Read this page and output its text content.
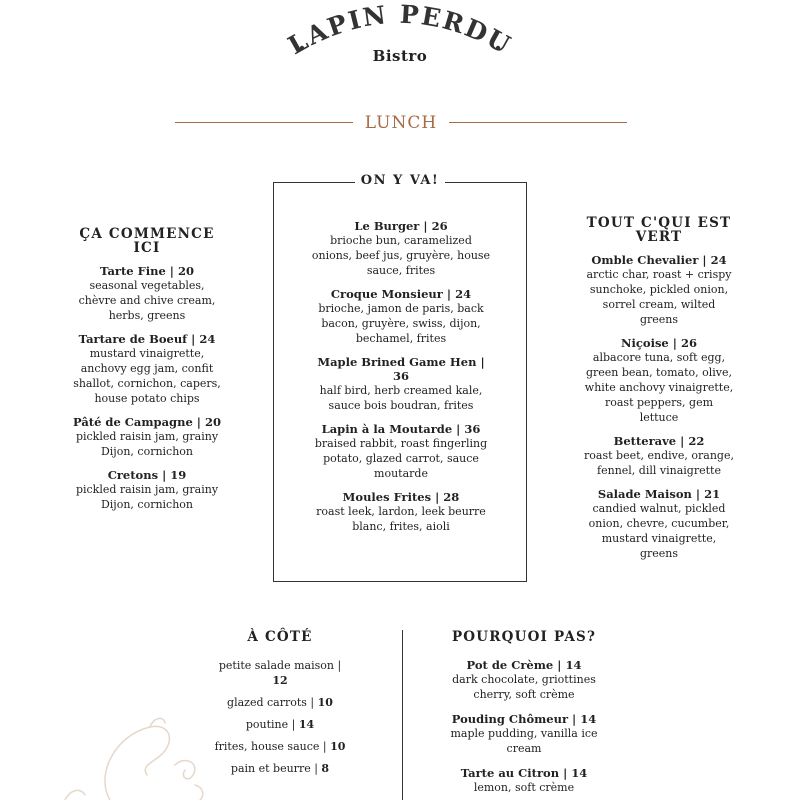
LAPIN PERDU
Bistro
LUNCH
ON Y VA!
ÇA COMMENCE ICI
Tarte Fine | 20
seasonal vegetables, chèvre and chive cream, herbs, greens
Tartare de Boeuf | 24
mustard vinaigrette, anchovy egg jam, confit shallot, cornichon, capers, house potato chips
Pâté de Campagne | 20
pickled raisin jam, grainy Dijon, cornichon
Cretons | 19
pickled raisin jam, grainy Dijon, cornichon
Le Burger | 26
brioche bun, caramelized onions, beef jus, gruyère, house sauce, frites
Croque Monsieur | 24
brioche, jamon de paris, back bacon, gruyère, swiss, dijon, bechamel, frites
Maple Brined Game Hen | 36
half bird, herb creamed kale, sauce bois boudran, frites
Lapin à la Moutarde | 36
braised rabbit, roast fingerling potato, glazed carrot, sauce moutarde
Moules Frites | 28
roast leek, lardon, leek beurre blanc, frites, aioli
TOUT C'QUI EST VERT
Omble Chevalier | 24
arctic char, roast + crispy sunchoke, pickled onion, sorrel cream, wilted greens
Niçoise | 26
albacore tuna, soft egg, green bean, tomato, olive, white anchovy vinaigrette, roast peppers, gem lettuce
Betterave | 22
roast beet, endive, orange, fennel, dill vinaigrette
Salade Maison | 21
candied walnut, pickled onion, chevre, cucumber, mustard vinaigrette, greens
À CÔTÉ
petite salade maison | 12
glazed carrots | 10
poutine | 14
frites, house sauce | 10
pain et beurre | 8
POURQUOI PAS?
Pot de Crème | 14
dark chocolate, griottines cherry, soft crème
Pouding Chômeur | 14
maple pudding, vanilla ice cream
Tarte au Citron | 14
lemon, soft crème
